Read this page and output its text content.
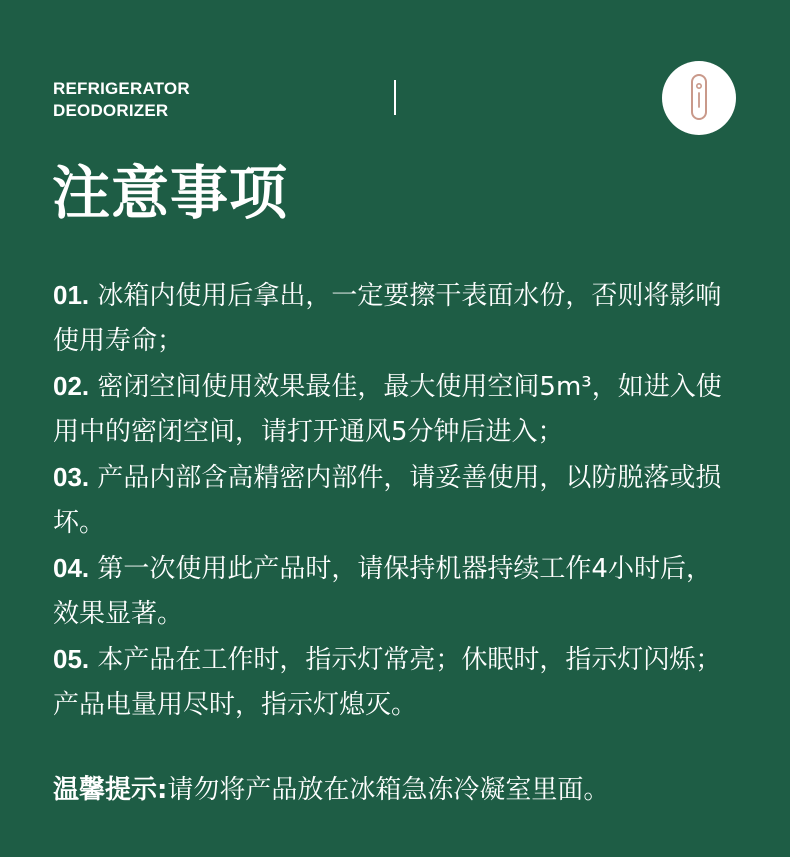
REFRIGERATOR
DEODORIZER
注意事项

01. 冰箱内使用后拿出，一定要擦干表面水份，否则将影响使用寿命；

02. 密闭空间使用效果最佳，最大使用空间5m³，如进入使用中的密闭空间，请打开通风5分钟后进入；

03. 产品内部含高精密内部件，请妥善使用，以防脱落或损坏。

04. 第一次使用此产品时，请保持机器持续工作4小时后，效果显著。

05. 本产品在工作时，指示灯常亮；休眠时，指示灯闪烁；产品电量用尽时，指示灯熄灭。

温馨提示:请勿将产品放在冰箱急冻冷凝室里面。
